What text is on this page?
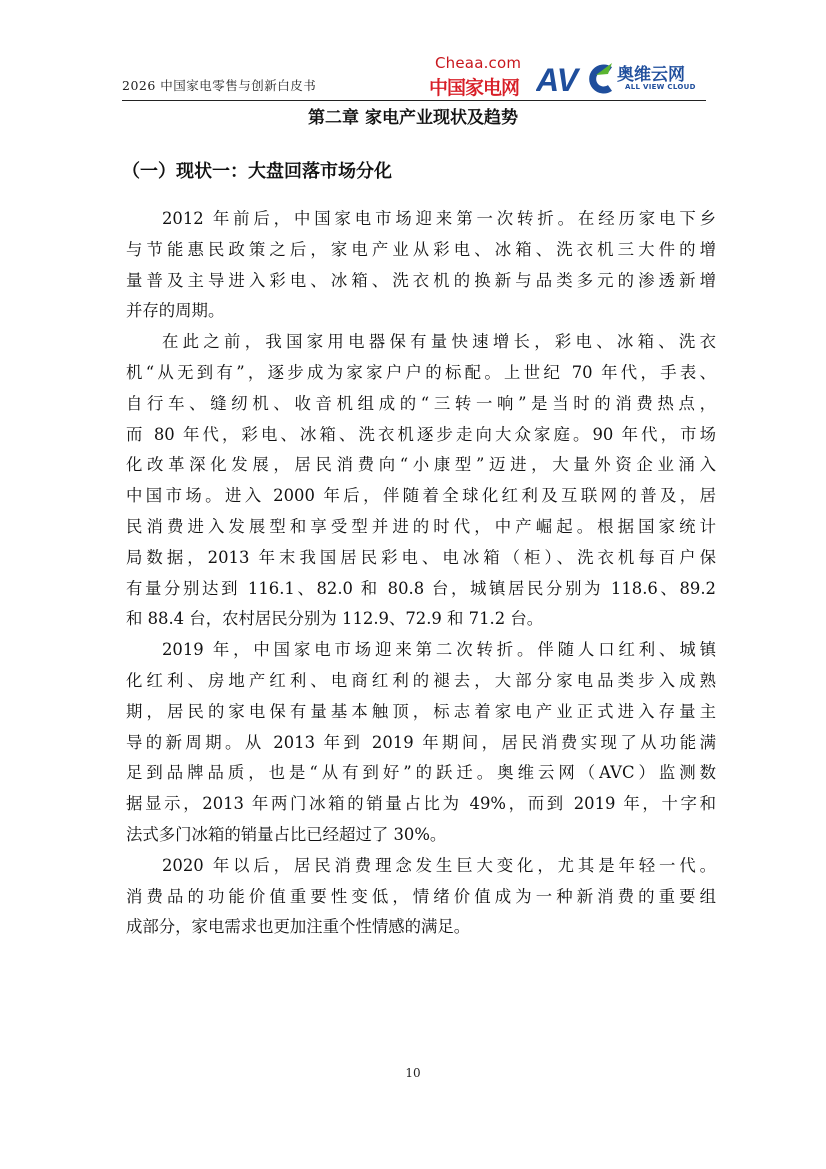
2026 中国家电零售与创新白皮书
Cheaa.com
中国家电网 AV 奥维云网
ALL VIEW CLOUD
第二章 家电产业现状及趋势
（一）现状一：大盘回落市场分化
2012 年前后，中国家电市场迎来第一次转折。在经历家电下乡
与节能惠民政策之后，家电产业从彩电、冰箱、洗衣机三大件的增
量普及主导进入彩电、冰箱、洗衣机的换新与品类多元的渗透新增
并存的周期。
在此之前，我国家用电器保有量快速增长，彩电、冰箱、洗衣
机“从无到有”，逐步成为家家户户的标配。上世纪 70 年代，手表、
自行车、缝纫机、收音机组成的“三转一响”是当时的消费热点，
而 80 年代，彩电、冰箱、洗衣机逐步走向大众家庭。90 年代，市场
化改革深化发展，居民消费向“小康型”迈进，大量外资企业涌入
中国市场。进入 2000 年后，伴随着全球化红利及互联网的普及，居
民消费进入发展型和享受型并进的时代，中产崛起。根据国家统计
局数据，2013 年末我国居民彩电、电冰箱（柜）、洗衣机每百户保
有量分别达到 116.1、82.0 和 80.8 台，城镇居民分别为 118.6、89.2
和 88.4 台，农村居民分别为 112.9、72.9 和 71.2 台。
2019 年，中国家电市场迎来第二次转折。伴随人口红利、城镇
化红利、房地产红利、电商红利的褪去，大部分家电品类步入成熟
期，居民的家电保有量基本触顶，标志着家电产业正式进入存量主
导的新周期。从 2013 年到 2019 年期间，居民消费实现了从功能满
足到品牌品质，也是“从有到好”的跃迁。奥维云网（AVC）监测数
据显示，2013 年两门冰箱的销量占比为 49%，而到 2019 年，十字和
法式多门冰箱的销量占比已经超过了 30%。
2020 年以后，居民消费理念发生巨大变化，尤其是年轻一代。
消费品的功能价值重要性变低，情绪价值成为一种新消费的重要组
成部分，家电需求也更加注重个性情感的满足。
10
